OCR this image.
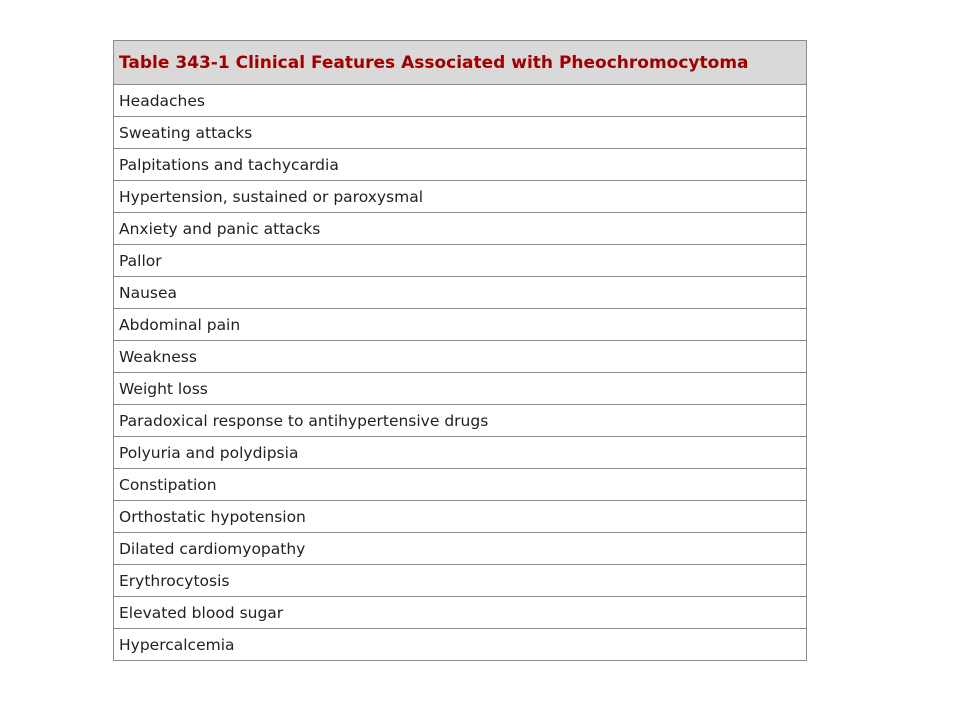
Table 343-1 Clinical Features Associated with Pheochromocytoma
Headaches
Sweating attacks
Palpitations and tachycardia
Hypertension, sustained or paroxysmal
Anxiety and panic attacks
Pallor
Nausea
Abdominal pain
Weakness
Weight loss
Paradoxical response to antihypertensive drugs
Polyuria and polydipsia
Constipation
Orthostatic hypotension
Dilated cardiomyopathy
Erythrocytosis
Elevated blood sugar
Hypercalcemia
